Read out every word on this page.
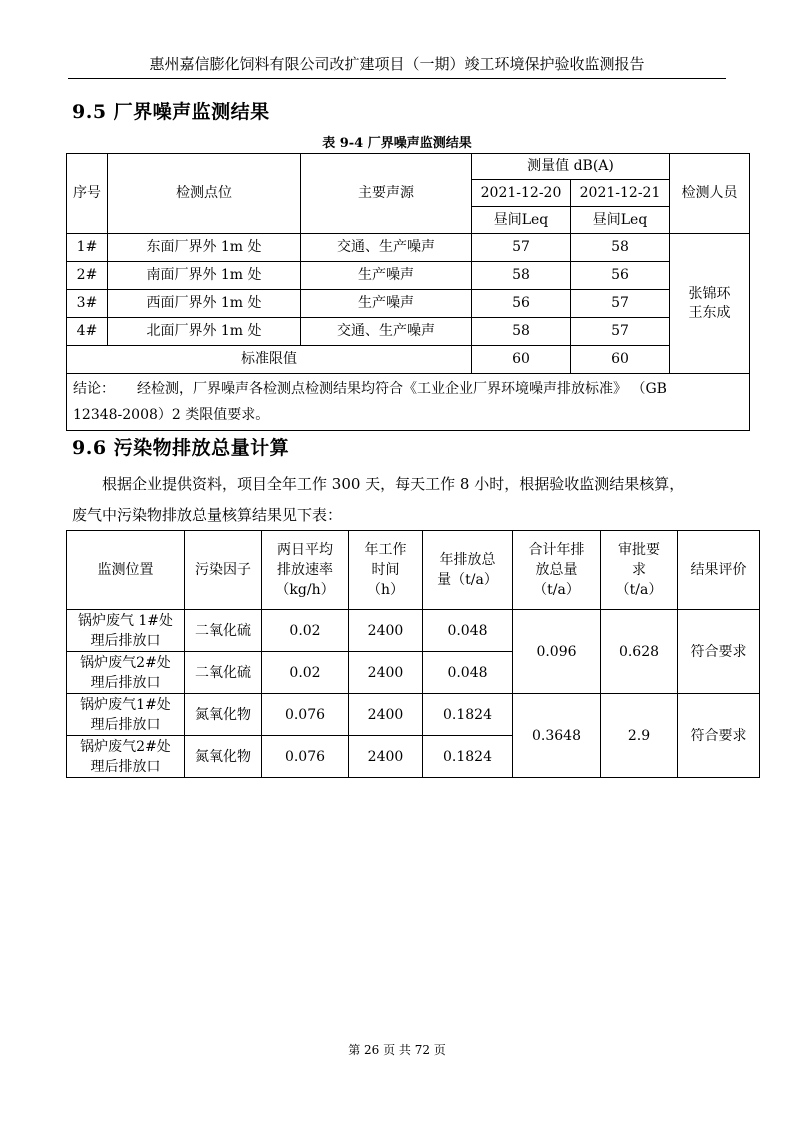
惠州嘉信膨化饲料有限公司改扩建项目（一期）竣工环境保护验收监测报告
9.5 厂界噪声监测结果
表 9-4 厂界噪声监测结果
序号	检测点位	主要声源	测量值 dB(A)		检测人员
			2021-12-20	2021-12-21	
			昼间Leq	昼间Leq	
1#	东面厂界外 1m 处	交通、生产噪声	57	58	张锦环
王东成
2#	南面厂界外 1m 处	生产噪声	58	56	
3#	西面厂界外 1m 处	生产噪声	56	57	
4#	北面厂界外 1m 处	交通、生产噪声	58	57	
标准限值			60	60	
结论： 经检测，厂界噪声各检测点检测结果均符合《工业企业厂界环境噪声排放标准》 （GB
12348-2008）2 类限值要求。					
9.6 污染物排放总量计算
根据企业提供资料，项目全年工作 300 天，每天工作 8 小时，根据验收监测结果核算，
废气中污染物排放总量核算结果见下表：
监测位置	污染因子	两日平均
排放速率
（kg/h）	年工作
时间
（h）	年排放总
量（t/a）	合计年排
放总量
（t/a）	审批要
求
（t/a）	结果评价
锅炉废气 1#处
理后排放口	二氧化硫	0.02	2400	0.048	0.096	0.628	符合要求
锅炉废气2#处
理后排放口	二氧化硫	0.02	2400	0.048			
锅炉废气1#处
理后排放口	氮氧化物	0.076	2400	0.1824	0.3648	2.9	符合要求
锅炉废气2#处
理后排放口	氮氧化物	0.076	2400	0.1824			
第 26 页 共 72 页
